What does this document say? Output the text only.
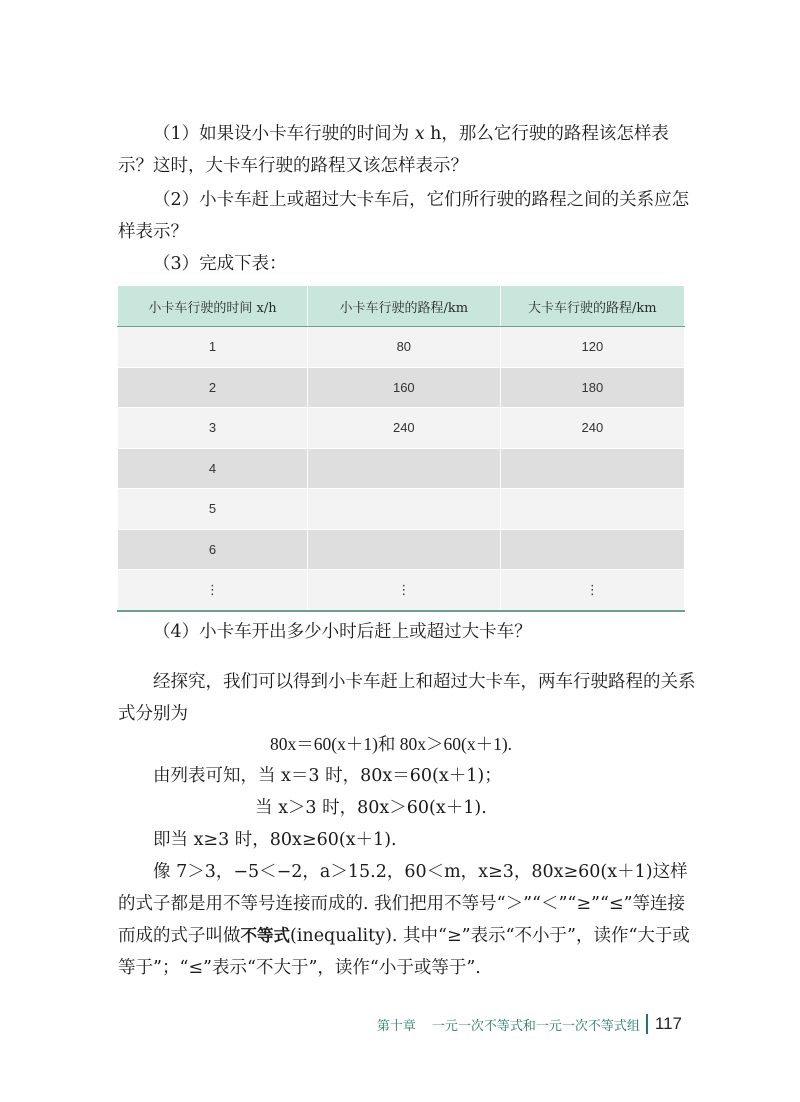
（1）如果设小卡车行驶的时间为 x h，那么它行驶的路程该怎样表示？这时，大卡车行驶的路程又该怎样表示？

（2）小卡车赶上或超过大卡车后，它们所行驶的路程之间的关系应怎样表示？

（3）完成下表：

小卡车行驶的时间 x/h	小卡车行驶的路程/km	大卡车行驶的路程/km
1	80	120
2	160	180
3	240	240
4		
5		
6		
⋮	⋮	⋮

（4）小卡车开出多少小时后赶上或超过大卡车？

经探究，我们可以得到小卡车赶上和超过大卡车，两车行驶路程的关系式分别为

80x＝60(x＋1)和 80x＞60(x＋1).
由列表可知，当 x＝3 时，80x＝60(x＋1)；
当 x＞3 时，80x＞60(x＋1).
即当 x≥3 时，80x≥60(x＋1).

像 7＞3，−5＜−2，a＞15.2，60＜m，x≥3，80x≥60(x＋1)这样的式子都是用不等号连接而成的. 我们把用不等号“＞”“＜”“≥”“≤”等连接而成的式子叫做不等式(inequality). 其中“≥”表示“不小于”，读作“大于或等于”；“≤”表示“不大于”，读作“小于或等于”.

第十章 一元一次不等式和一元一次不等式组 117
